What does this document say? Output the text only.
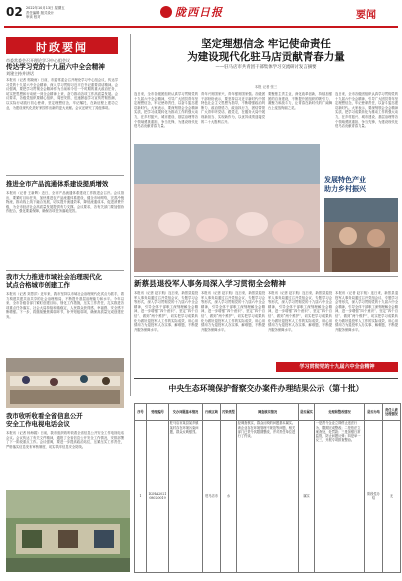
02 2022年10月13日 星期五
责任编辑 版式设计
审读 校对	陇西日报	要闻
时政要闻
市委常委会召开理论学习中心组会议
传达学习党的十九届六中全会精神
刘建主持并讲话
本报讯（记者 郭晓雨）日前，市委常委会召开理论学习中心组会议，传达学习党的十九届六中全会精神，深入学习贯彻习近平总书记重要讲话精神。会议强调，要把学习贯彻全会精神作为当前和今后一个时期的重大政治任务，切实把思想和行动统一到全会精神上来，奋力推动各项工作高质量发展。会议要求，各级党组织要精心组织、周密安排，迅速掀起学习宣传贯彻热潮，以实际行动践行初心使命，坚定理想信念，牢记嘱托，在新征程上建功立业，为建设现代化美好家园作出新的更大贡献。会议还研究了其他事项。
推进全市产品流通体系建设提质增效
本报讯（记者 王新辉）近日，全市产品流通体系建设工作推进会召开。会议指出，要紧盯目标任务，加快推进农产品流通体系建设，健全市场网络，完善冷链物流，推动线上线下融合发展，切实提升流通效率，降低流通成本，促进消费升级，为全市经济社会高质量发展提供有力支撑。会议要求，各有关部门要加强协作配合，强化要素保障，确保各项任务落地见效。
我市大力推进市域社会治理现代化
试点合格城市创建工作
本报讯（记者 刘思洋）近年来，我市坚持以市域社会治理现代化试点为抓手，着力构建共建共治共享的社会治理格局，不断提升基层治理能力和水平。今年以来，全市各级各部门紧盯创建目标，细化工作措施，压实工作责任，扎实推进各项重点任务落实，社会大局持续和谐稳定，人民群众获得感、幸福感、安全感不断增强。下一步，将继续聚焦薄弱环节，补齐短板弱项，确保高质量完成创建任务。
我市收听收看全省信息公开
安全工作电视电话会议
本报讯（记者 杨海娟）日前，我市组织收听收看全省信息公开安全工作电视电话会议。会议传达了有关文件精神，通报了全省信息公开安全工作情况，安排部署了下一阶段重点工作。会议强调，要进一步提高政治站位，压紧压实工作责任，严格落实信息发布审核制度，切实筑牢信息安全防线。
坚定理想信念 牢记使命责任
为建设现代化驻马店贡献青春力量
——驻马店市共青团干部集体学习交流研讨发言摘要
本报 记者 张三
连日来，全市各级团组织认真学习贯彻党的十九届六中全会精神，引导广大团员青年坚定理想信念，牢记使命责任，以奋斗姿态建功新时代。大家表示，要深刻领会全会精神实质，把学习成果转化为推动工作的强大动力，在乡村振兴、城市建设、基层治理等各个领域勇挑重担、争当先锋，为建设现代化驻马店贡献青春力量。
青年兴则国家兴，青年强则国家强。各级团干部纷纷表示，要坚持以习近平新时代中国特色社会主义思想为指导，不断增强政治判断力、政治领悟力、政治执行力，团结带领广大青年听党话、跟党走，在服务大局中展现新担当、实现新作为，以优异成绩迎接党的二十大胜利召开。
要聚焦主责主业，深化改革创新，持续加强团的自身建设，不断提升团组织的吸引力、凝聚力和战斗力，让青春在新时代的广阔舞台上绽放绚丽之花。
连日来，全市各级团组织认真学习贯彻党的十九届六中全会精神，引导广大团员青年坚定理想信念，牢记使命责任，以奋斗姿态建功新时代。大家表示，要深刻领会全会精神实质，把学习成果转化为推动工作的强大动力，在乡村振兴、城市建设、基层治理等各个领域勇挑重担、争当先锋，为建设现代化驻马店贡献青春力量。
发展特色产业
助力乡村振兴
新蔡县退役军人事务局深入学习贯彻全会精神
本报讯（记者 赵宇航）连日来，新蔡县退役军人事务局通过召开党组会议、专题学习会等形式，深入学习贯彻党的十九届六中全会精神，引导全体干部职工深刻理解全会精神，进一步增强“四个意识”、坚定“四个自信”、做到“两个维护”，切实把学习成果转化为做好退役军人工作的实际成效，用心用情用力为退役军人办实事、解难题，不断提升服务保障水平。
本报讯（记者 赵宇航）连日来，新蔡县退役军人事务局通过召开党组会议、专题学习会等形式，深入学习贯彻党的十九届六中全会精神，引导全体干部职工深刻理解全会精神，进一步增强“四个意识”、坚定“四个自信”、做到“两个维护”，切实把学习成果转化为做好退役军人工作的实际成效，用心用情用力为退役军人办实事、解难题，不断提升服务保障水平。
本报讯（记者 赵宇航）连日来，新蔡县退役军人事务局通过召开党组会议、专题学习会等形式，深入学习贯彻党的十九届六中全会精神，引导全体干部职工深刻理解全会精神，进一步增强“四个意识”、坚定“四个自信”、做到“两个维护”，切实把学习成果转化为做好退役军人工作的实际成效，用心用情用力为退役军人办实事、解难题，不断提升服务保障水平。
本报讯（记者 赵宇航）连日来，新蔡县退役军人事务局通过召开党组会议、专题学习会等形式，深入学习贯彻党的十九届六中全会精神，引导全体干部职工深刻理解全会精神，进一步增强“四个意识”、坚定“四个自信”、做到“两个维护”，切实把学习成果转化为做好退役军人工作的实际成效，用心用情用力为退役军人办实事、解难题，不断提升服务保障水平。
学习贯彻党的十九届六中全会精神
中央生态环境保护督察交办案件办理结果公示（第十批）
序号	受理编号	交办问题基本情况	行政区域	污染类型	调查核实情况	是否属实	处理和整改情况	是否办结	责任人被处理情况
1	D2HA202108020019	驻马店市某县某乡镇某村存在环境污染问题，群众反映强烈。	驻马店市	水	经调查核实，群众反映的问题基本属实。该企业存在环境管理不规范等问题，相关部门已责令其限期整改，并对责任单位进行了约谈。	属实	一是责令企业立即停止违法行为，限期完成整改；二是依法立案查处，处罚款；三是加强日常监管，防止问题反弹；四是举一反三，开展专项排查整治。	阶段性办结	无
